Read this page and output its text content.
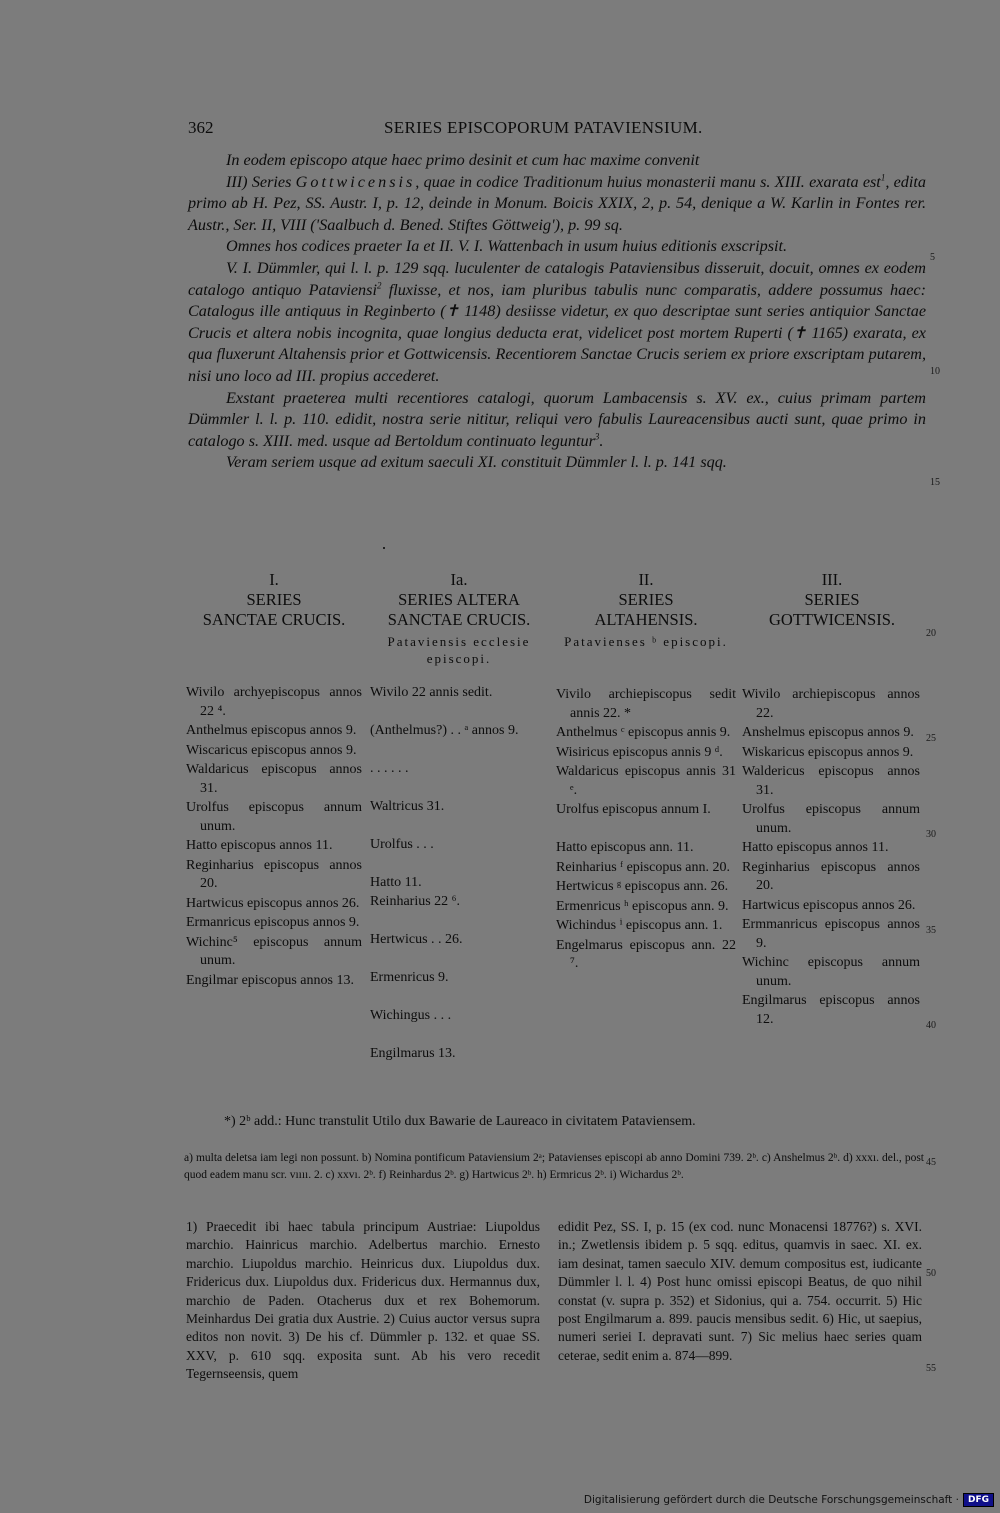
362	SERIES EPISCOPORUM PATAVIENSIUM.

In eodem episcopo atque haec primo desinit et cum hac maxime convenit

III) Series Gottwicensis, quae in codice Traditionum huius monasterii manu s. XIII. exarata est$^1$, edita primo ab H. Pez, SS. Austr. I, p. 12, deinde in Monum. Boicis XXIX, 2, p. 54, denique a W. Karlin in Fontes rer. Austr., Ser. II, VIII ('Saalbuch d. Bened. Stiftes Göttweig'), p. 99 sq.

Omnes hos codices praeter Ia et II. V. I. Wattenbach in usum huius editionis exscripsit.

V. I. Dümmler, qui l. l. p. 129 sqq. luculenter de catalogis Pataviensibus disseruit, docuit, omnes ex eodem catalogo antiquo Pataviensi$^2$ fluxisse, et nos, iam pluribus tabulis nunc comparatis, addere possumus haec: Catalogus ille antiquus in Reginberto (✝ 1148) desiisse videtur, ex quo descriptae sunt series antiquior Sanctae Crucis et altera nobis incognita, quae longius deducta erat, videlicet post mortem Ruperti (✝ 1165) exarata, ex qua fluxerunt Altahensis prior et Gottwicensis. Recentiorem Sanctae Crucis seriem ex priore exscriptam putarem, nisi uno loco ad III. propius accederet.

Exstant praeterea multi recentiores catalogi, quorum Lambacensis s. XV. ex., cuius primam partem Dümmler l. l. p. 110. edidit, nostra serie nititur, reliqui vero fabulis Laureacensibus aucti sunt, quae primo in catalogo s. XIII. med. usque ad Bertoldum continuato leguntur$^3$.

Veram seriem usque ad exitum saeculi XI. constituit Dümmler l. l. p. 141 sqq.

5
10
15
20
25
30
35
40
45
50
55
I.
SERIES
SANCTAE CRUCIS.
Ia.
SERIES ALTERA
SANCTAE CRUCIS.
Pataviensis ecclesie episcopi.
II.
SERIES
ALTAHENSIS.
Patavienses ᵇ episcopi.
III.
SERIES
GOTTWICENSIS.

Wivilo archyepiscopus annos 22 ⁴.

Anthelmus episcopus annos 9.

Wiscaricus episcopus annos 9.

Waldaricus episcopus annos 31.

Urolfus episcopus annum unum.

Hatto episcopus annos 11.

Reginharius episcopus annos 20.

Hartwicus episcopus annos 26.

Ermanricus episcopus annos 9.

Wichinc⁵ episcopus annum unum.

Engilmar episcopus annos 13.

Wivilo 22 annis sedit.

(Anthelmus?) . . ᵃ annos 9.

. . . . . .

Waltricus 31.

Urolfus . . .

Hatto 11.

Reinharius 22 ⁶.

Hertwicus . . 26.

Ermenricus 9.

Wichingus . . .

Engilmarus 13.

Vivilo archiepiscopus sedit annis 22. *

Anthelmus ᶜ episcopus annis 9.

Wisiricus episcopus annis 9 ᵈ.

Waldaricus episcopus annis 31 ᵉ.

Urolfus episcopus annum I.

Hatto episcopus ann. 11.

Reinharius ᶠ episcopus ann. 20.

Hertwicus ᵍ episcopus ann. 26.

Ermenricus ʰ episcopus ann. 9.

Wichindus ⁱ episcopus ann. 1.

Engelmarus episcopus ann. 22 ⁷.

Wivilo archiepiscopus annos 22.

Anshelmus episcopus annos 9.

Wiskaricus episcopus annos 9.

Waldericus episcopus annos 31.

Urolfus episcopus annum unum.

Hatto episcopus annos 11.

Reginharius episcopus annos 20.

Hartwicus episcopus annos 26.

Ermmanricus episcopus annos 9.

Wichinc episcopus annum unum.

Engilmarus episcopus annos 12.

*) 2ᵇ add.: Hunc transtulit Utilo dux Bawarie de Laureaco in civitatem Pataviensem.

a) multa deletsa iam legi non possunt. b) Nomina pontificum Pataviensium 2ᵃ; Patavienses episcopi ab anno Domini 739. 2ᵇ. c) Anshelmus 2ᵇ. d) xxxı. del., post quod eadem manu scr. vıııı. 2. c) xxvı. 2ᵇ. f) Reinhardus 2ᵇ. g) Hartwicus 2ᵇ. h) Ermricus 2ᵇ. i) Wichardus 2ᵇ.

1) Praecedit ibi haec tabula principum Austriae: Liupoldus marchio. Hainricus marchio. Adelbertus marchio. Ernesto marchio. Liupoldus marchio. Heinricus dux. Liupoldus dux. Fridericus dux. Liupoldus dux. Fridericus dux. Hermannus dux, marchio de Paden. Otacherus dux et rex Bohemorum. Meinhardus Dei gratia dux Austrie. 2) Cuius auctor versus supra editos non novit. 3) De his cf. Dümmler p. 132. et quae SS. XXV, p. 610 sqq. exposita sunt. Ab his vero recedit Tegernseensis, quem

edidit Pez, SS. I, p. 15 (ex cod. nunc Monacensi 18776?) s. XVI. in.; Zwetlensis ibidem p. 5 sqq. editus, quamvis in saec. XI. ex. iam desinat, tamen saeculo XIV. demum compositus est, iudicante Dümmler l. l. 4) Post hunc omissi episcopi Beatus, de quo nihil constat (v. supra p. 352) et Sidonius, qui a. 754. occurrit. 5) Hic post Engilmarum a. 899. paucis mensibus sedit. 6) Hic, ut saepius, numeri seriei I. depravati sunt. 7) Sic melius haec series quam ceterae, sedit enim a. 874—899.

Digitalisierung gefördert durch die Deutsche Forschungsgemeinschaft ·	DFG
